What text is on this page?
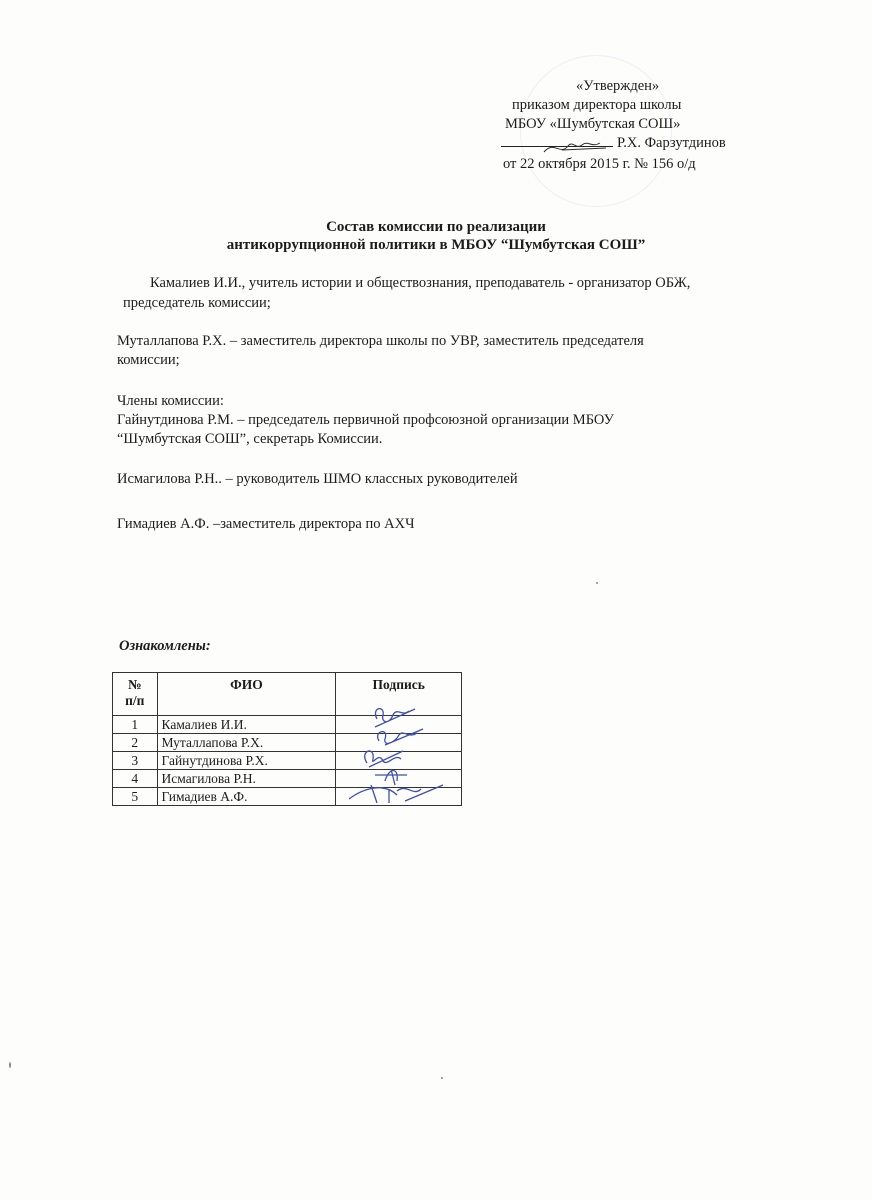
«Утвержден»
приказом директора школы
МБОУ «Шумбутская СОШ»
Р.Х. Фарзутдинов
от 22 октября 2015 г. № 156 о/д
Состав комиссии по реализации
антикоррупционной политики в МБОУ “Шумбутская СОШ”
Камалиев И.И., учитель истории и обществознания, преподаватель - организатор ОБЖ,
председатель комиссии;
Муталлапова Р.Х. – заместитель директора школы по УВР, заместитель председателя
комиссии;
Члены комиссии:
Гайнутдинова Р.М. – председатель первичной профсоюзной организации МБОУ
“Шумбутская СОШ”, секретарь Комиссии.
Исмагилова Р.Н.. – руководитель ШМО классных руководителей
Гимадиев А.Ф. –заместитель директора по АХЧ
Ознакомлены:
№
п/п	ФИО	Подпись
1	Камалиев И.И.	
2	Муталлапова Р.Х.	
3	Гайнутдинова Р.Х.	
4	Исмагилова Р.Н.	
5	Гимадиев А.Ф.	
